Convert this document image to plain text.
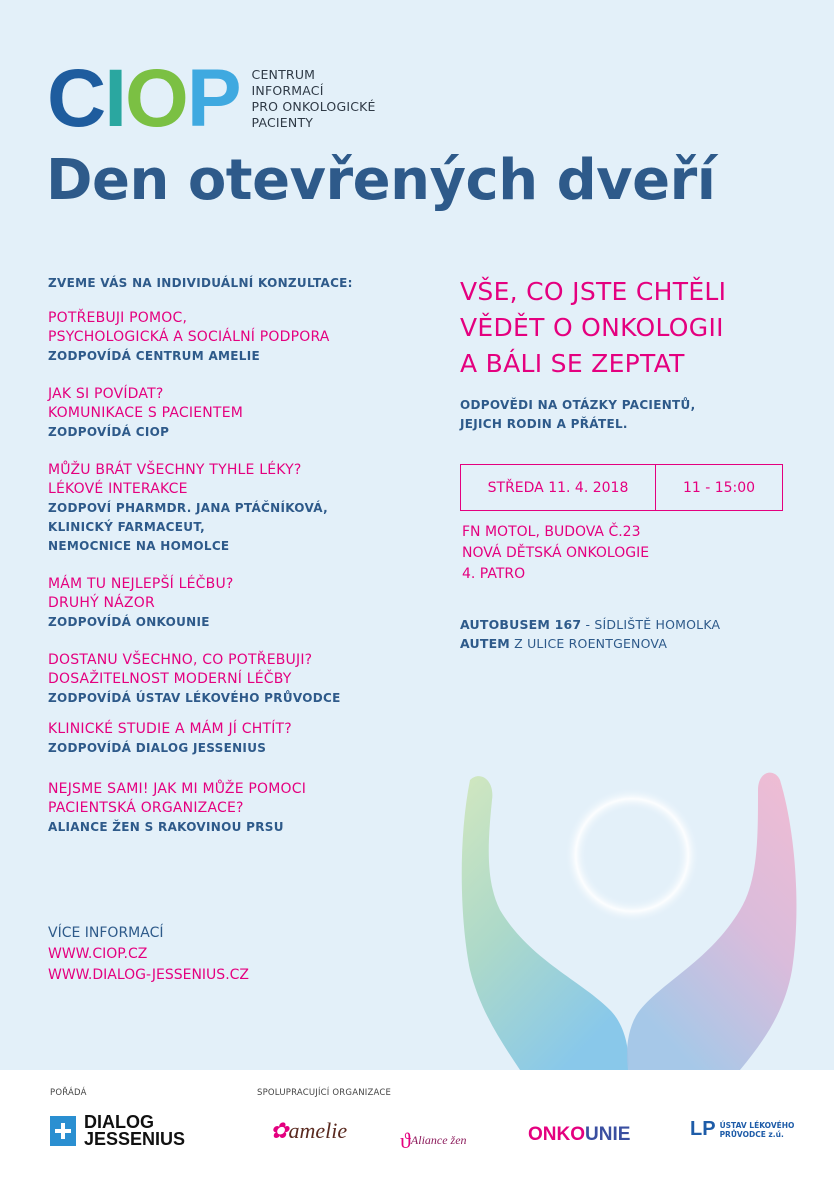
CIOP CENTRUM
INFORMACÍ
PRO ONKOLOGICKÉ
PACIENTY
Den otevřených dveří
ZVEME VÁS NA INDIVIDUÁLNÍ KONZULTACE:
POTŘEBUJI POMOC,
PSYCHOLOGICKÁ A SOCIÁLNÍ PODPORA
ZODPOVÍDÁ CENTRUM AMELIE
JAK SI POVÍDAT?
KOMUNIKACE S PACIENTEM
ZODPOVÍDÁ CIOP
MŮŽU BRÁT VŠECHNY TYHLE LÉKY?
LÉKOVÉ INTERAKCE
ZODPOVÍ PHARMDR. JANA PTÁČNÍKOVÁ,
KLINICKÝ FARMACEUT,
NEMOCNICE NA HOMOLCE
MÁM TU NEJLEPŠÍ LÉČBU?
DRUHÝ NÁZOR
ZODPOVÍDÁ ONKOUNIE
DOSTANU VŠECHNO, CO POTŘEBUJI?
DOSAŽITELNOST MODERNÍ LÉČBY
ZODPOVÍDÁ ÚSTAV LÉKOVÉHO PRŮVODCE
KLINICKÉ STUDIE A MÁM JÍ CHTÍT?
ZODPOVÍDÁ DIALOG JESSENIUS
NEJSME SAMI! JAK MI MŮŽE POMOCI
PACIENTSKÁ ORGANIZACE?
ALIANCE ŽEN S RAKOVINOU PRSU
VÍCE INFORMACÍ
WWW.CIOP.CZ
WWW.DIALOG-JESSENIUS.CZ
VŠE, CO JSTE CHTĚLI
VĚDĚT O ONKOLOGII
A BÁLI SE ZEPTAT
ODPOVĚDI NA OTÁZKY PACIENTŮ,
JEJICH RODIN A PŘÁTEL.
STŘEDA 11. 4. 2018	11 - 15:00
FN MOTOL, BUDOVA Č.23
NOVÁ DĚTSKÁ ONKOLOGIE
4. PATRO
AUTOBUSEM 167 - SÍDLIŠTĚ HOMOLKA
AUTEM Z ULICE ROENTGENOVA
POŘÁDÁ	SPOLUPRACUJÍCÍ ORGANIZACE
DIALOG
JESSENIUS	✿amelie ϑAliance žen	ONKOUNIE	LP ÚSTAV LÉKOVÉHO
PRŮVODCE z.ú.
